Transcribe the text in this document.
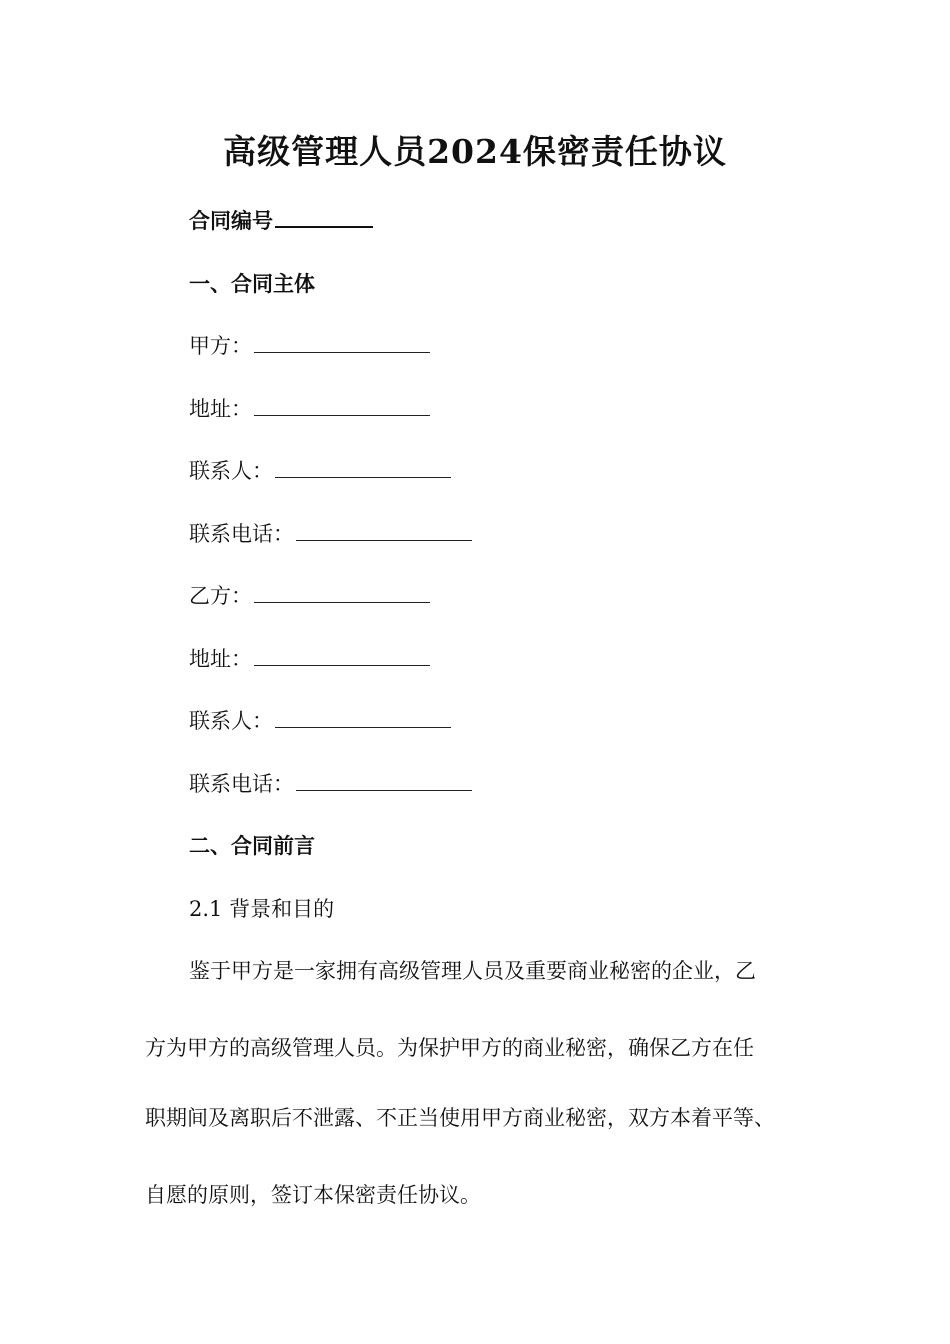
高级管理人员2024保密责任协议
合同编号
一、合同主体
甲方：
地址：
联系人：
联系电话：
乙方：
地址：
联系人：
联系电话：
二、合同前言
2.1 背景和目的
鉴于甲方是一家拥有高级管理人员及重要商业秘密的企业，乙
方为甲方的高级管理人员。为保护甲方的商业秘密，确保乙方在任
职期间及离职后不泄露、不正当使用甲方商业秘密，双方本着平等、
自愿的原则，签订本保密责任协议。
